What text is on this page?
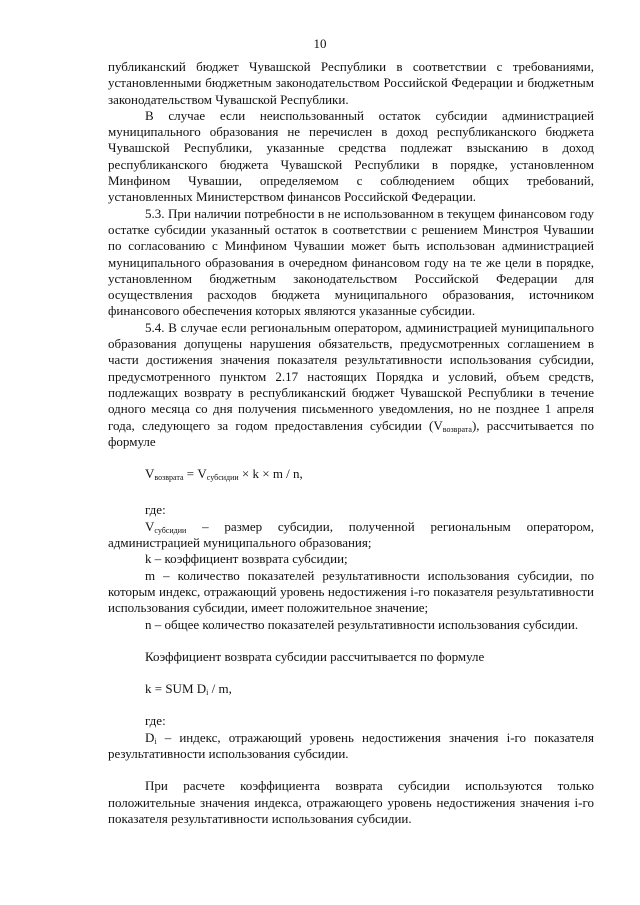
10

публиканский бюджет Чувашской Республики в соответствии с требованиями, установленными бюджетным законодательством Российской Федерации и бюджетным законодательством Чувашской Республики.

В случае если неиспользованный остаток субсидии администрацией муниципального образования не перечислен в доход республиканского бюджета Чувашской Республики, указанные средства подлежат взысканию в доход республиканского бюджета Чувашской Республики в порядке, установленном Минфином Чувашии, определяемом с соблюдением общих требований, установленных Министерством финансов Российской Федерации.

5.3. При наличии потребности в не использованном в текущем финансовом году остатке субсидии указанный остаток в соответствии с решением Минстроя Чувашии по согласованию с Минфином Чувашии может быть использован администрацией муниципального образования в очередном финансовом году на те же цели в порядке, установленном бюджетным законодательством Российской Федерации для осуществления расходов бюджета муниципального образования, источником финансового обеспечения которых являются указанные субсидии.

5.4. В случае если региональным оператором, администрацией муниципального образования допущены нарушения обязательств, предусмотренных соглашением в части достижения значения показателя результативности использования субсидии, предусмотренного пунктом 2.17 настоящих Порядка и условий, объем средств, подлежащих возврату в республиканский бюджет Чувашской Республики в течение одного месяца со дня получения письменного уведомления, но не позднее 1 апреля года, следующего за годом предоставления субсидии $(V_{возврата})$, рассчитывается по формуле

$V_{возврата} = V_{субсидии} \times k \times m / n$,

где:

$V_{субсидии}$ – размер субсидии, полученной региональным оператором, администрацией муниципального образования;

k – коэффициент возврата субсидии;

m – количество показателей результативности использования субсидии, по которым индекс, отражающий уровень недостижения i-го показателя результативности использования субсидии, имеет положительное значение;

n – общее количество показателей результативности использования субсидии.

Коэффициент возврата субсидии рассчитывается по формуле

k = SUM $D_i$ / m,

где:

$D_i$ – индекс, отражающий уровень недостижения значения i-го показателя результативности использования субсидии.

При расчете коэффициента возврата субсидии используются только положительные значения индекса, отражающего уровень недостижения значения i-го показателя результативности использования субсидии.
